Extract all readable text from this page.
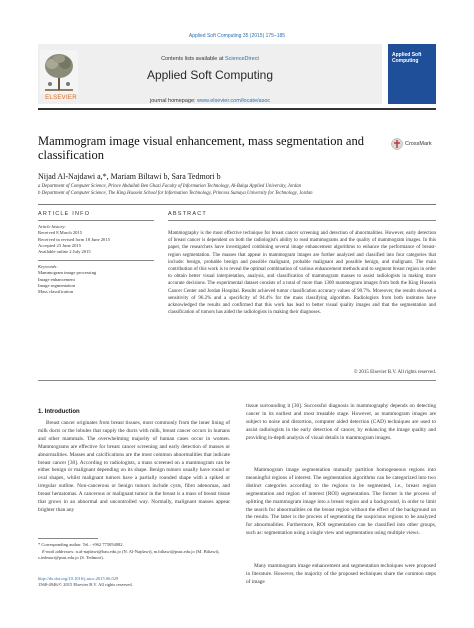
Applied Soft Computing 35 (2015) 175–185
ELSEVIER
Contents lists available at ScienceDirect
Applied Soft Computing
journal homepage: www.elsevier.com/locate/asoc
Applied Soft Computing
Mammogram image visual enhancement, mass segmentation and classification
CrossMark
Nijad Al-Najdawi a,*, Mariam Biltawi b, Sara Tedmori b
a Department of Computer Science, Prince Abdullah Ben Ghazi Faculty of Information Technology, Al-Balqa Applied University, Jordan
b Department of Computer Science, The King Hussein School for Information Technology, Princess Sumaya University for Technology, Jordan
ARTICLE INFO
Article history:
Received 8 March 2015
Received in revised form 18 June 2015
Accepted 23 June 2015
Available online 2 July 2015
Keywords:
Mammogram image processing
Image enhancement
Image segmentation
Mass classification
ABSTRACT
Mammography is the most effective technique for breast cancer screening and detection of abnormalities. However, early detection of breast cancer is dependent on both the radiologist's ability to read mammograms and the quality of mammogram images. In this paper, the researchers have investigated combining several image enhancement algorithms to enhance the performance of breast-region segmentation. The masses that appear in mammogram images are further analyzed and classified into four categories that include: benign, probable benign and possible malignant, probable malignant and possible benign, and malignant. The main contribution of this work is to reveal the optimal combination of various enhancement methods and to segment breast region in order to obtain better visual interpretation, analysis, and classification of mammogram masses to assist radiologists in making more accurate decisions. The experimental dataset consists of a total of more than 1300 mammogram images from both the King Hussein Cancer Center and Jordan Hospital. Results achieved tumor classification accuracy values of 90.7%. Moreover, the results showed a sensitivity of 96.2% and a specificity of 94.4% for the mass classifying algorithm. Radiologists from both institutes have acknowledged the results and confirmed that this work has lead to better visual quality images and that the segmentation and classification of tumors has aided the radiologists in making their diagnoses.
© 2015 Elsevier B.V. All rights reserved.
1. Introduction
Breast cancer originates from breast tissues, most commonly from the inner lining of milk ducts or the lobules that supply the ducts with milk, breast cancer occurs in humans and other mammals. The overwhelming majority of human cases occur in women. Mammograms are effective for breast cancer screening and early detection of masses or abnormalities. Masses and calcifications are the most common abnormalities that indicate breast cancer [30]. According to radiologists, a mass screened on a mammogram can be either benign or malignant depending on its shape. Benign tumors usually have round or oval shapes, whilst malignant tumors have a partially rounded shape with a spiked or irregular outline. Non-cancerous or benign tumors include cysts, fibro adenomas, and breast hematomas. A cancerous or malignant tumor in the breast is a mass of breast tissue that grows in an abnormal and uncontrolled way. Normally, malignant masses appear brighter than any
tissue surrounding it [30]. Successful diagnosis in mammography depends on detecting cancer in its earliest and most treatable stage. However, as mammogram images are subject to noise and distortion, computer aided detection (CAD) techniques are used to assist radiologists in the early detection of cancer, by enhancing the image quality and providing in-depth analysis of visual details in mammogram images.
Mammogram image segmentation mutually partition homogeneous regions into meaningful regions of interest. The segmentation algorithms can be categorized into two distinct categories according to the regions to be segmented, i.e., breast region segmentation and region of interest (ROI) segmentation. The former is the process of splitting the mammogram image into a breast region and a background, in order to limit the search for abnormalities on the breast region without the effect of the background on the results. The latter is the process of segmenting the suspicious regions to be analyzed for abnormalities. Furthermore, ROI segmentation can be classified into other groups, such as: segmentation using a single view and segmentation using multiple views.
Many mammogram image enhancement and segmentation techniques were proposed in literature. However, the majority of the proposed techniques share the common steps of image
* Corresponding author. Tel.: +962 775054082.
E-mail addresses: n.al-najdawi@bau.edu.jo (N. Al-Najdawi), m.biltawi@psut.edu.jo (M. Biltawi), s.tedmori@psut.edu.jo (S. Tedmori).
http://dx.doi.org/10.1016/j.asoc.2015.06.029
1568-4946/© 2015 Elsevier B.V. All rights reserved.
